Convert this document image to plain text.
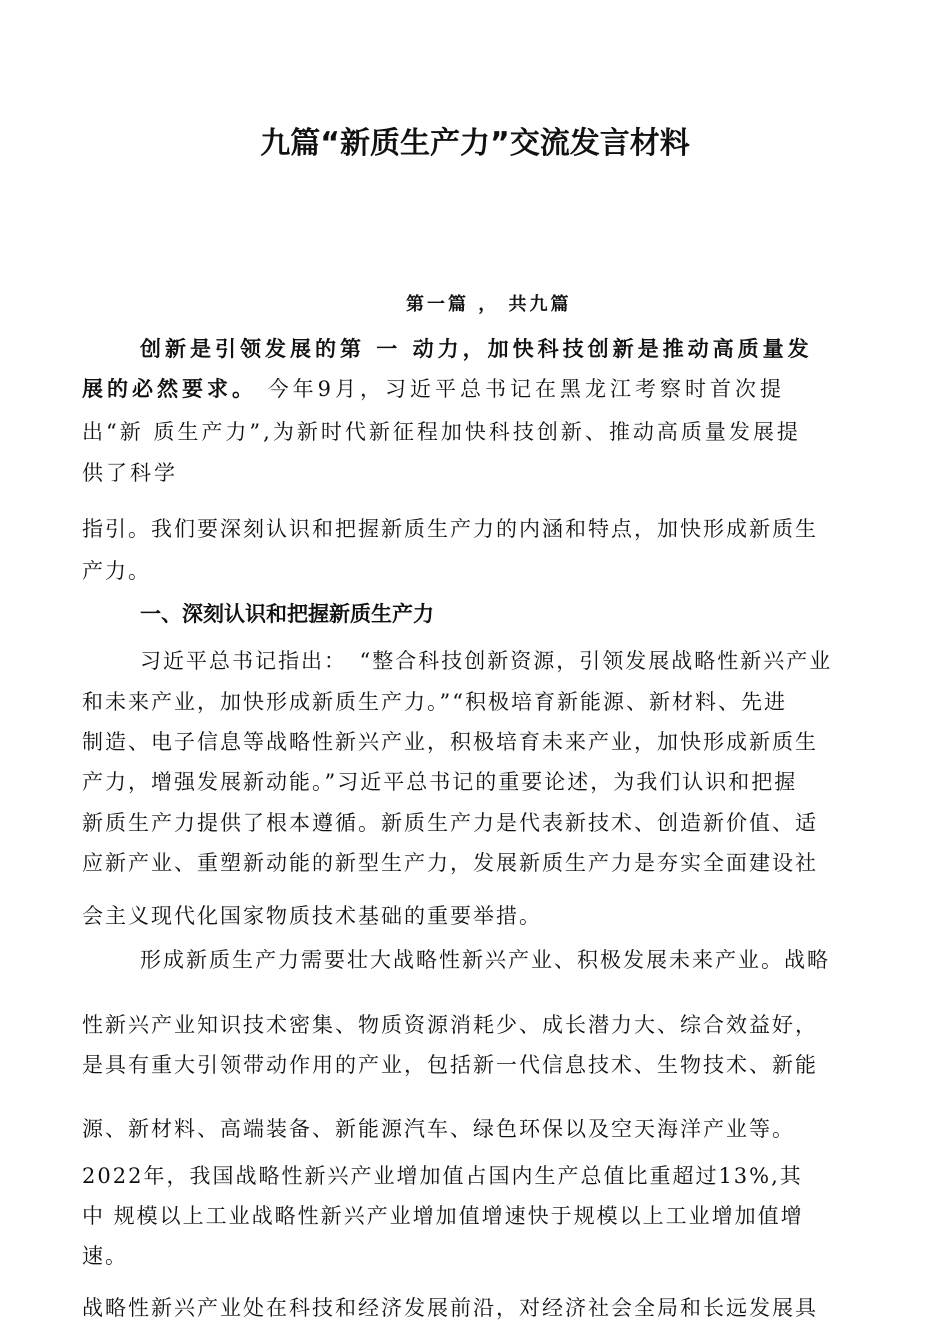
九篇“新质生产力”交流发言材料

第一篇 ， 共九篇

创新是引领发展的第 一 动力，加快科技创新是推动高质量发

展的必然要求。 今年9月，习近平总书记在黑龙江考察时首次提

出“新 质生产力”,为新时代新征程加快科技创新、推动高质量发展提

供了科学

指引。我们要深刻认识和把握新质生产力的内涵和特点，加快形成新质生

产力。

一、深刻认识和把握新质生产力

习近平总书记指出：　“整合科技创新资源，引领发展战略性新兴产业

和未来产业，加快形成新质生产力。”“积极培育新能源、新材料、先进

制造、电子信息等战略性新兴产业，积极培育未来产业，加快形成新质生

产力，增强发展新动能。”习近平总书记的重要论述，为我们认识和把握

新质生产力提供了根本遵循。新质生产力是代表新技术、创造新价值、适

应新产业、重塑新动能的新型生产力，发展新质生产力是夯实全面建设社

会主义现代化国家物质技术基础的重要举措。

形成新质生产力需要壮大战略性新兴产业、积极发展未来产业。战略

性新兴产业知识技术密集、物质资源消耗少、成长潜力大、综合效益好，

是具有重大引领带动作用的产业，包括新一代信息技术、生物技术、新能

源、新材料、高端装备、新能源汽车、绿色环保以及空天海洋产业等。

2022年，我国战略性新兴产业增加值占国内生产总值比重超过13%,其

中 规模以上工业战略性新兴产业增加值增速快于规模以上工业增加值增

速。

战略性新兴产业处在科技和经济发展前沿，对经济社会全局和长远发展具
